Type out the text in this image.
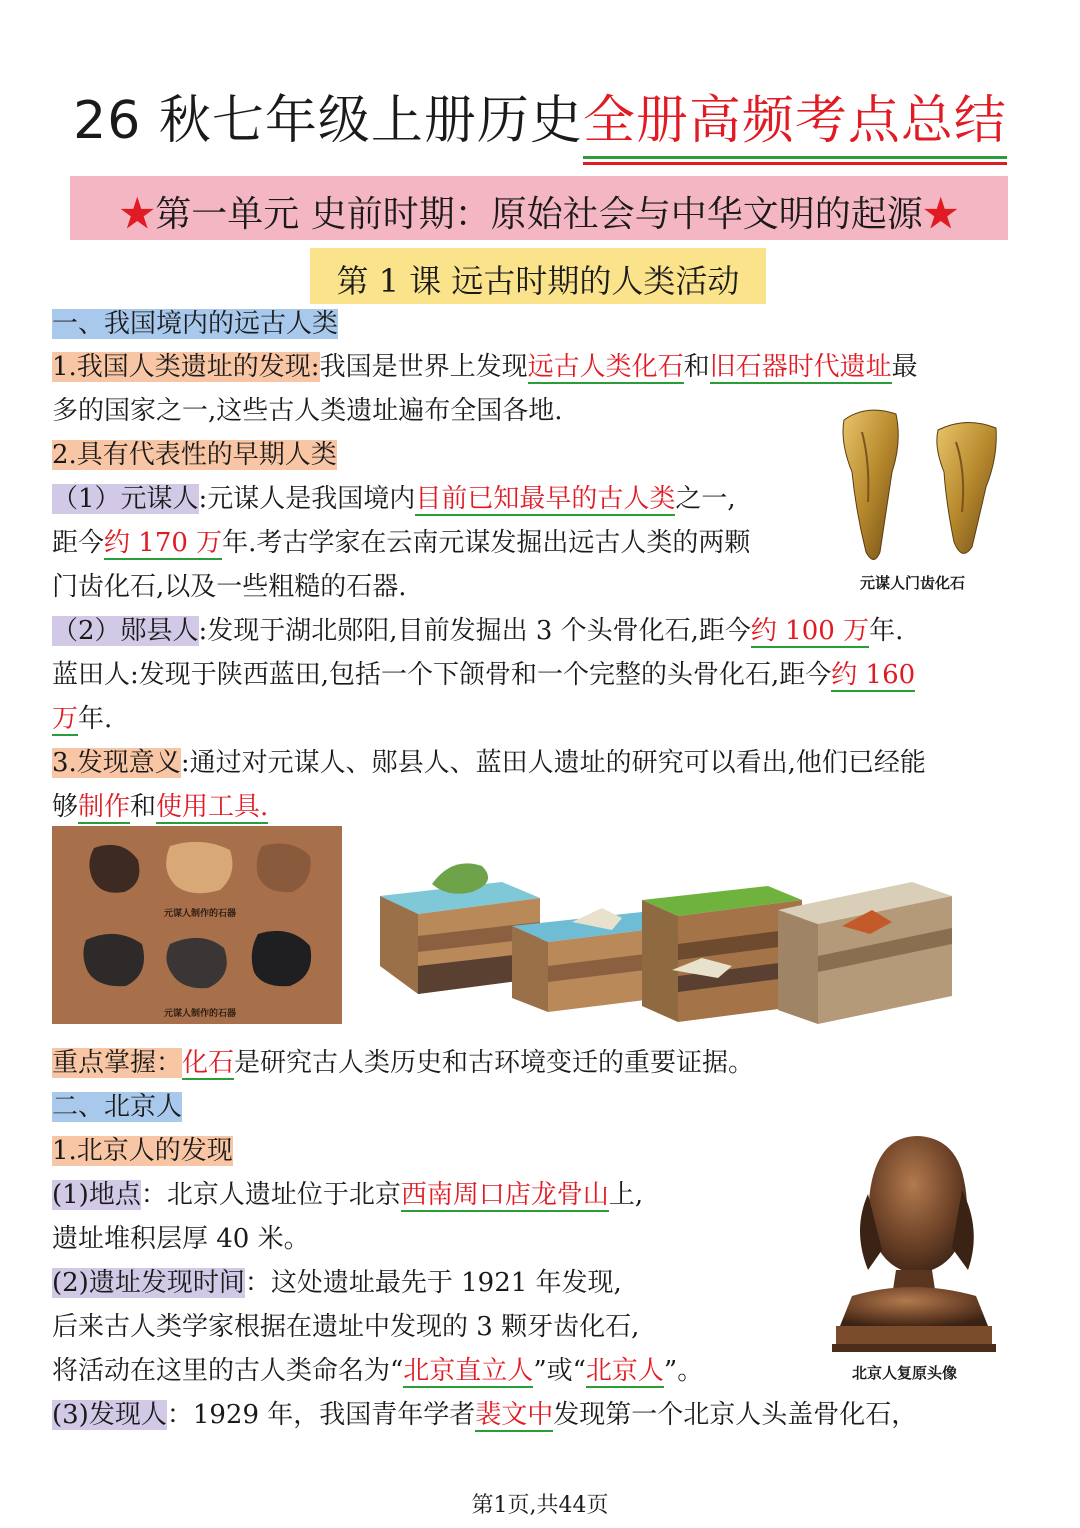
26 秋七年级上册历史全册高频考点总结
★第一单元 史前时期：原始社会与中华文明的起源★
第 1 课 远古时期的人类活动
一、我国境内的远古人类
1.我国人类遗址的发现:我国是世界上发现远古人类化石和旧石器时代遗址最
多的国家之一,这些古人类遗址遍布全国各地.
2.具有代表性的早期人类
（1）元谋人:元谋人是我国境内目前已知最早的古人类之一,
距今约 170 万年.考古学家在云南元谋发掘出远古人类的两颗
门齿化石,以及一些粗糙的石器.	元谋人门齿化石
（2）郧县人:发现于湖北郧阳,目前发掘出 3 个头骨化石,距今约 100 万年.
蓝田人:发现于陕西蓝田,包括一个下颌骨和一个完整的头骨化石,距今约 160
万年.
3.发现意义:通过对元谋人、郧县人、蓝田人遗址的研究可以看出,他们已经能
够制作和使用工具.
元谋人制作的石器
元谋人制作的石器
重点掌握：化石是研究古人类历史和古环境变迁的重要证据。
二、北京人
1.北京人的发现
(1)地点：北京人遗址位于北京西南周口店龙骨山上,
遗址堆积层厚 40 米。
(2)遗址发现时间：这处遗址最先于 1921 年发现,
后来古人类学家根据在遗址中发现的 3 颗牙齿化石,
将活动在这里的古人类命名为“北京直立人”或“北京人”。	北京人复原头像
(3)发现人：1929 年，我国青年学者裴文中发现第一个北京人头盖骨化石，
第1页,共44页
